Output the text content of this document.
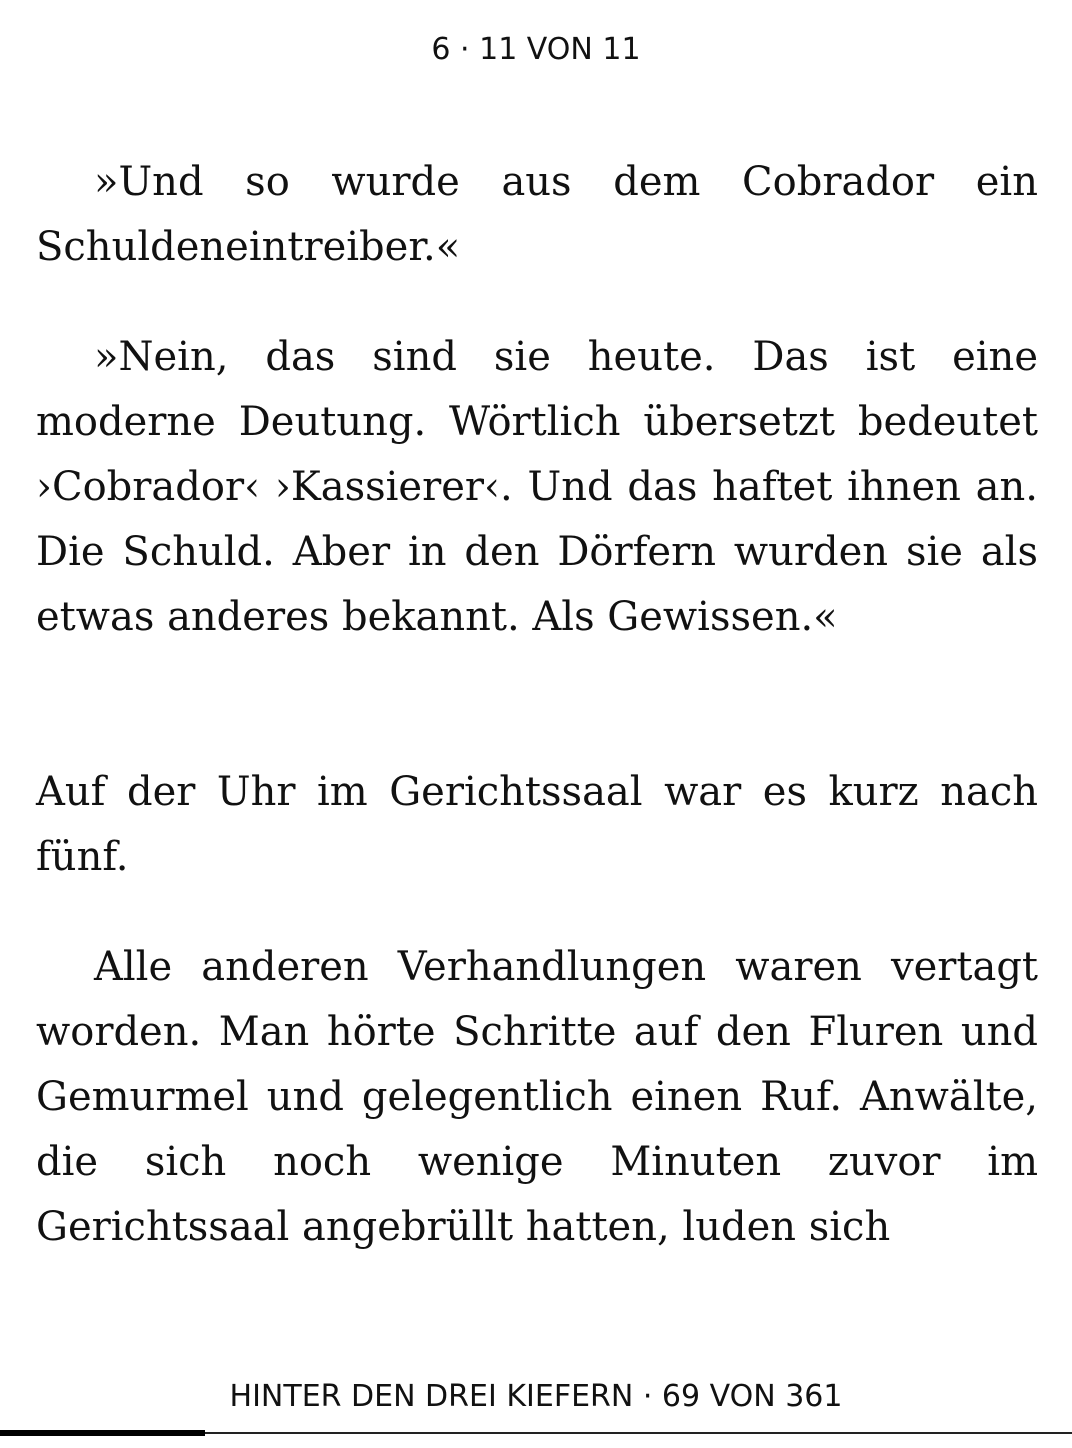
6 · 11 VON 11

»Und so wurde aus dem Cobrador ein Schuldeneintreiber.«

»Nein, das sind sie heute. Das ist eine moderne Deutung. Wörtlich übersetzt bedeutet ›Cobrador‹ ›Kassierer‹. Und das haftet ihnen an. Die Schuld. Aber in den Dörfern wurden sie als etwas anderes bekannt. Als Gewissen.«

Auf der Uhr im Gerichtssaal war es kurz nach fünf.

Alle anderen Verhandlungen waren vertagt worden. Man hörte Schritte auf den Fluren und Gemurmel und gelegentlich einen Ruf. Anwälte, die sich noch wenige Minuten zuvor im Gerichtssaal angebrüllt hatten, luden sich

HINTER DEN DREI KIEFERN · 69 VON 361
